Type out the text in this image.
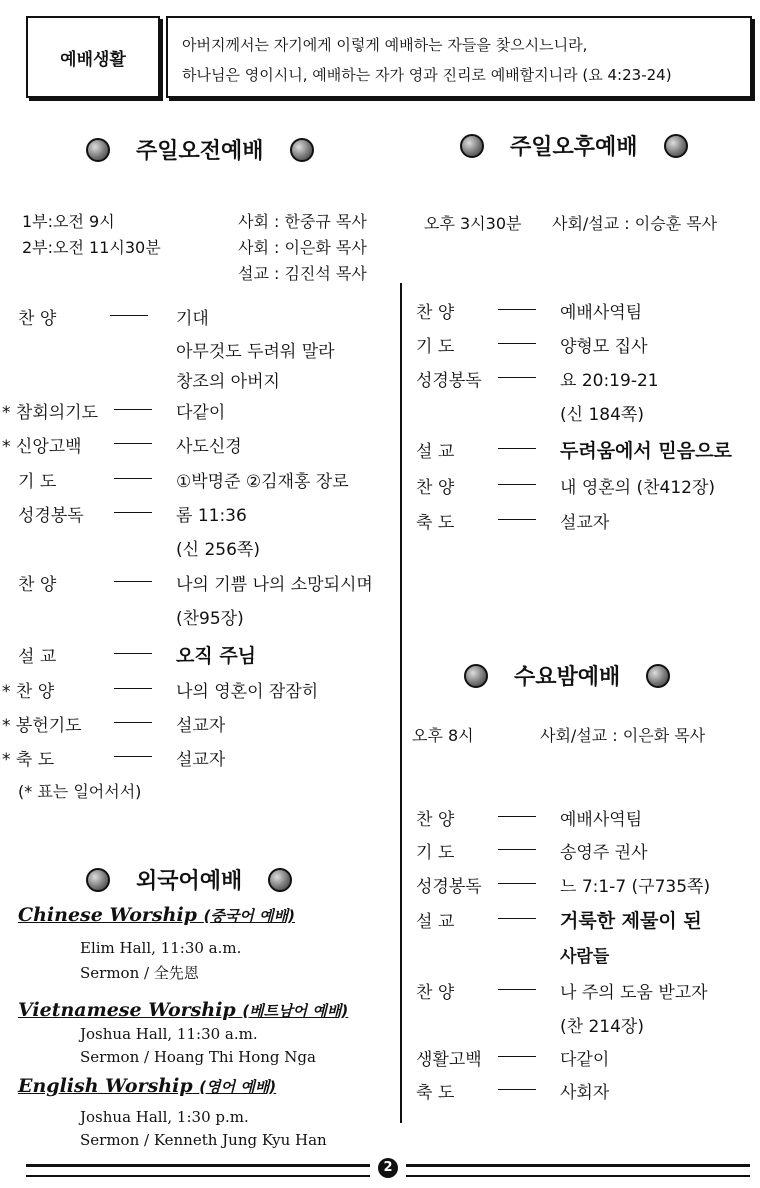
예배생활
아버지께서는 자기에게 이렇게 예배하는 자들을 찾으시느니라,
하나님은 영이시니, 예배하는 자가 영과 진리로 예배할지니라 (요 4:23-24)
주일오전예배
1부:오전 9시
2부:오전 11시30분
사회 : 한중규 목사
사회 : 이은화 목사
설교 : 김진석 목사
찬 양	기대
아무것도 두려워 말라
창조의 아버지
* 참회의기도	다같이
* 신앙고백	사도신경
기 도	①박명준 ②김재홍 장로
성경봉독	롬 11:36
(신 256쪽)
찬 양	나의 기쁨 나의 소망되시며
(찬95장)
설 교	오직 주님
* 찬 양	나의 영혼이 잠잠히
* 봉헌기도	설교자
* 축 도	설교자
(* 표는 일어서서)
외국어예배
Chinese Worship (중국어 예배)
Elim Hall, 11:30 a.m.
Sermon / 全先恩
Vietnamese Worship (베트남어 예배)
Joshua Hall, 11:30 a.m.
Sermon / Hoang Thi Hong Nga
English Worship (영어 예배)
Joshua Hall, 1:30 p.m.
Sermon / Kenneth Jung Kyu Han
주일오후예배
오후 3시30분 사회/설교 : 이승훈 목사
찬 양	예배사역팀
기 도	양형모 집사
성경봉독	요 20:19-21
(신 184쪽)
설 교	두려움에서 믿음으로
찬 양	내 영혼의 (찬412장)
축 도	설교자
수요밤예배
오후 8시	사회/설교 : 이은화 목사
찬 양	예배사역팀
기 도	송영주 권사
성경봉독	느 7:1-7 (구735쪽)
설 교	거룩한 제물이 된
사람들
찬 양	나 주의 도움 받고자
(찬 214장)
생활고백	다같이
축 도	사회자
2
